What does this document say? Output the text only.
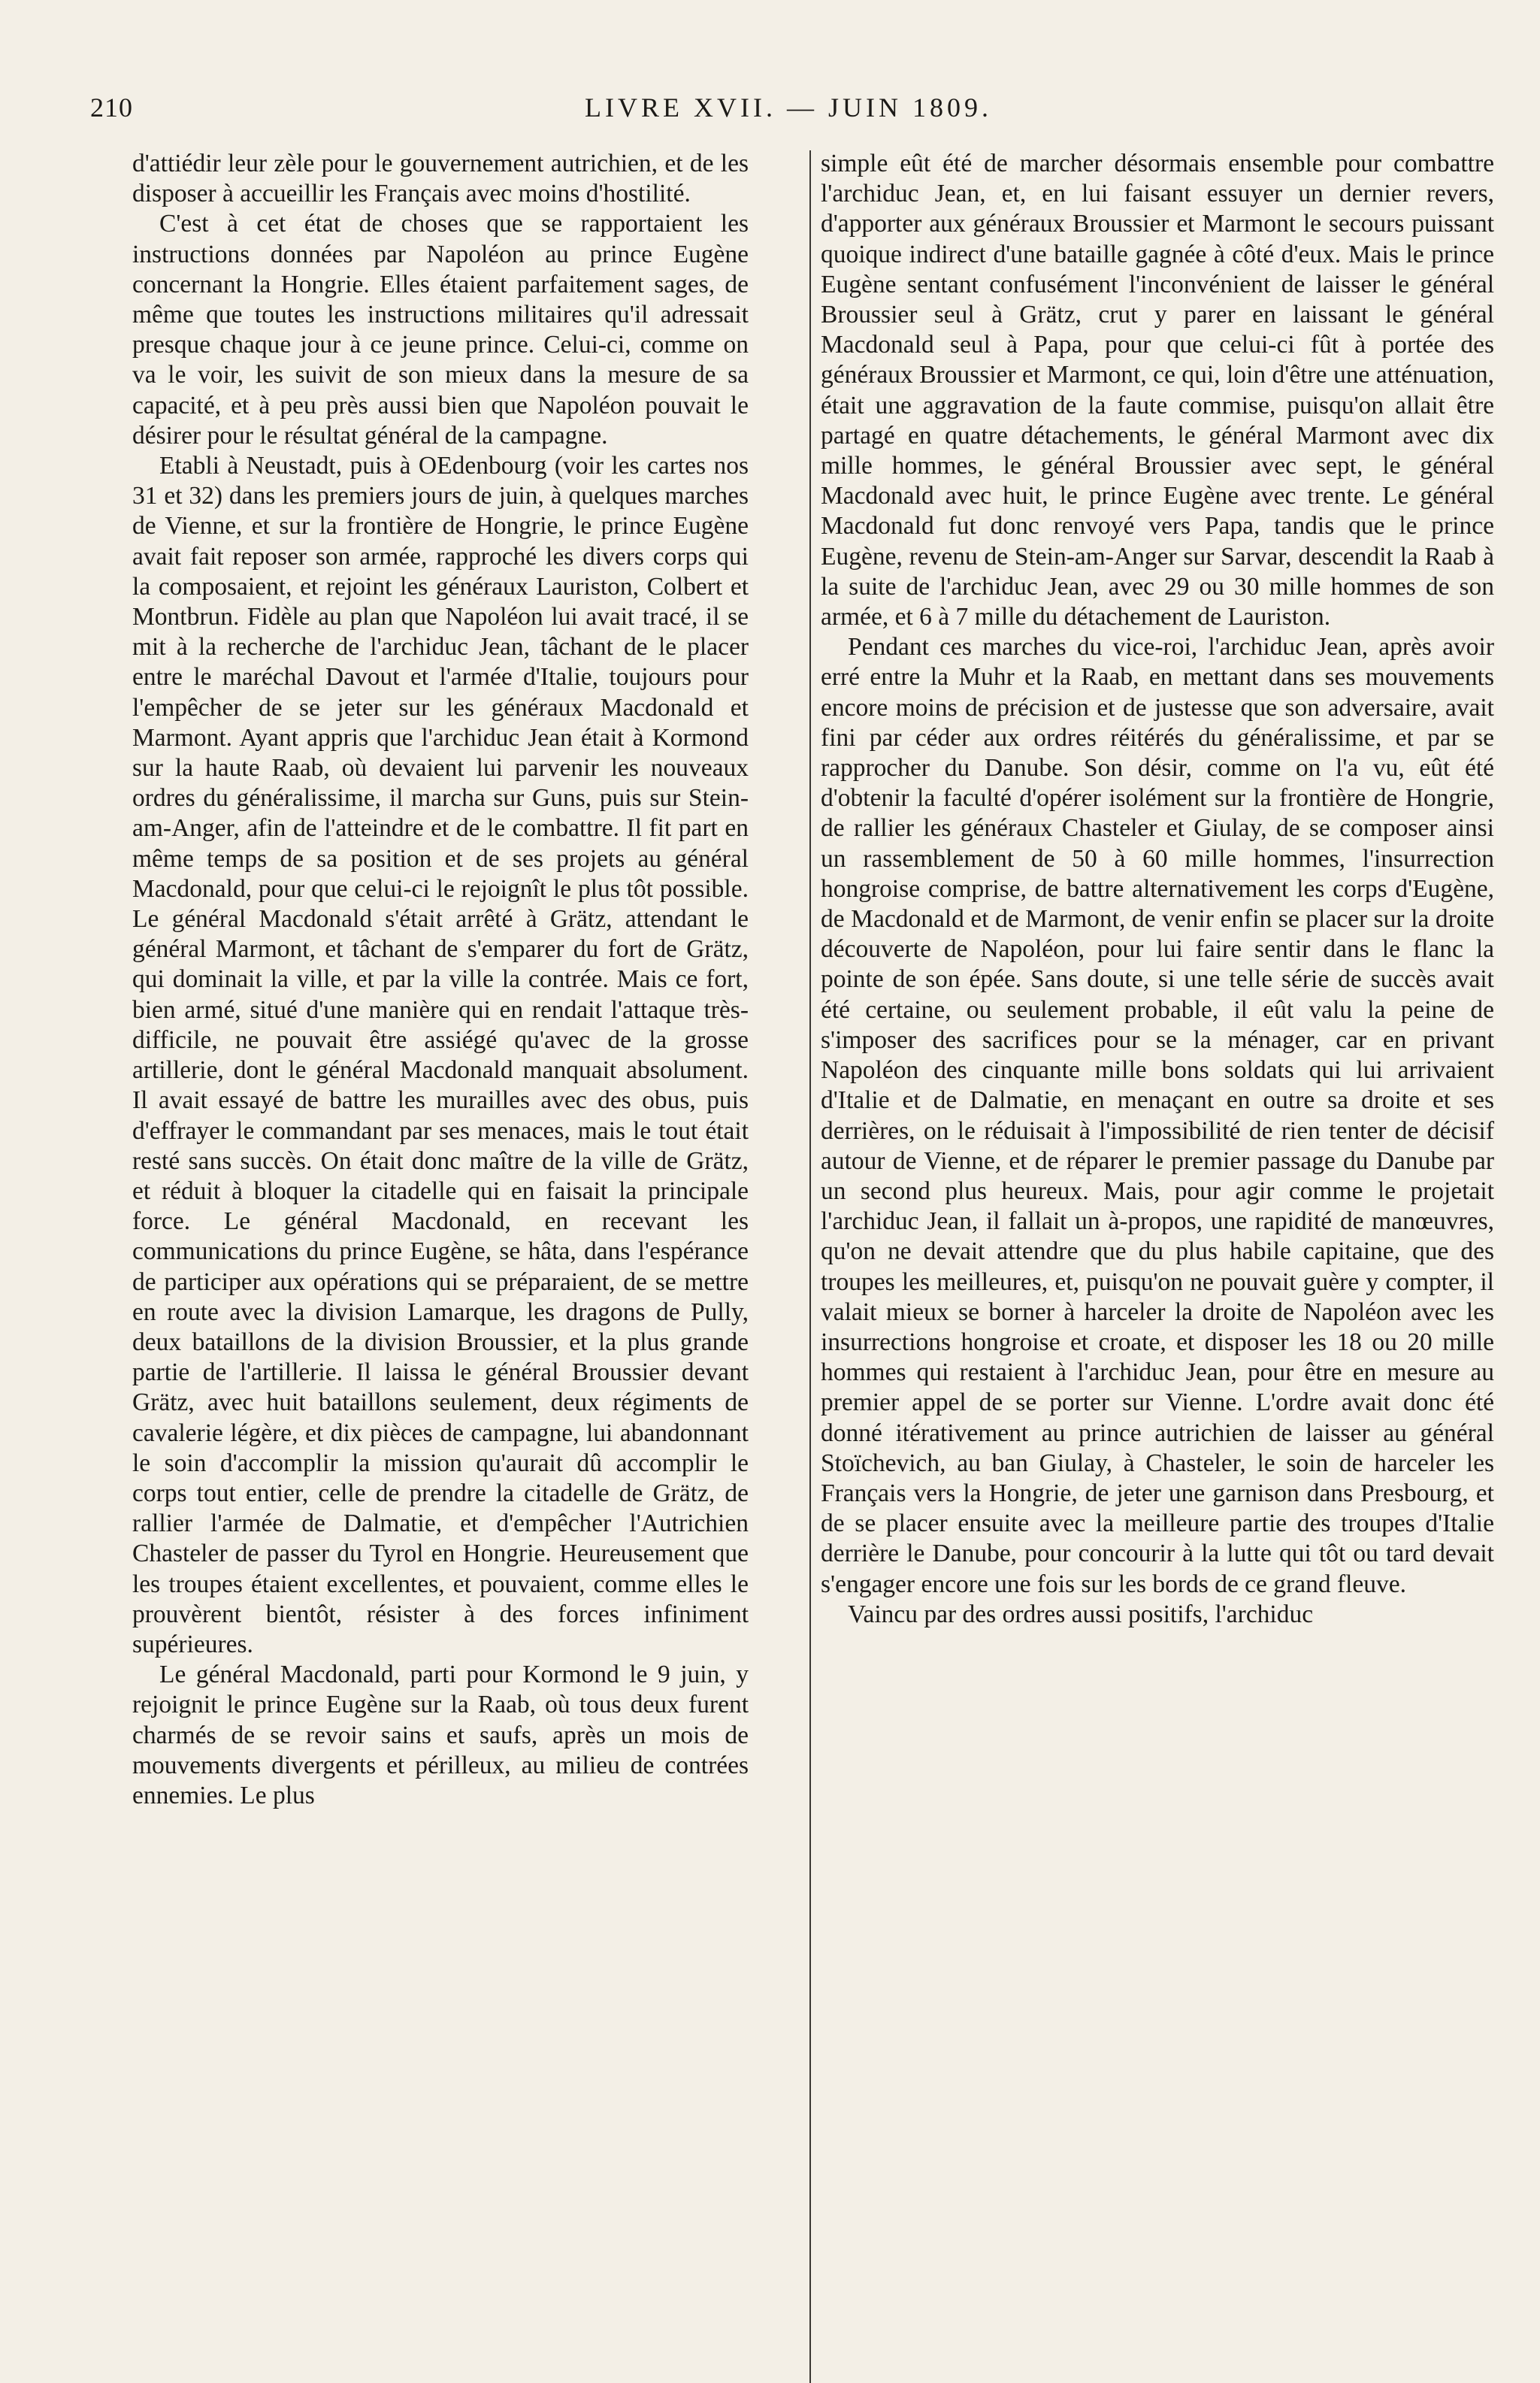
210	LIVRE XVII. — JUIN 1809.

d'attiédir leur zèle pour le gouvernement autrichien, et de les disposer à accueillir les Français avec moins d'hostilité.

C'est à cet état de choses que se rapportaient les instructions données par Napoléon au prince Eugène concernant la Hongrie. Elles étaient parfaitement sages, de même que toutes les instructions militaires qu'il adressait presque chaque jour à ce jeune prince. Celui-ci, comme on va le voir, les suivit de son mieux dans la mesure de sa capacité, et à peu près aussi bien que Napoléon pouvait le désirer pour le résultat général de la campagne.

Etabli à Neustadt, puis à OEdenbourg (voir les cartes nos 31 et 32) dans les premiers jours de juin, à quelques marches de Vienne, et sur la frontière de Hongrie, le prince Eugène avait fait reposer son armée, rapproché les divers corps qui la composaient, et rejoint les généraux Lauriston, Colbert et Montbrun. Fidèle au plan que Napoléon lui avait tracé, il se mit à la recherche de l'archiduc Jean, tâchant de le placer entre le maréchal Davout et l'armée d'Italie, toujours pour l'empêcher de se jeter sur les généraux Macdonald et Marmont. Ayant appris que l'archiduc Jean était à Kormond sur la haute Raab, où devaient lui parvenir les nouveaux ordres du généralissime, il marcha sur Guns, puis sur Stein-am-Anger, afin de l'atteindre et de le combattre. Il fit part en même temps de sa position et de ses projets au général Macdonald, pour que celui-ci le rejoignît le plus tôt possible. Le général Macdonald s'était arrêté à Grätz, attendant le général Marmont, et tâchant de s'emparer du fort de Grätz, qui dominait la ville, et par la ville la contrée. Mais ce fort, bien armé, situé d'une manière qui en rendait l'attaque très-difficile, ne pouvait être assiégé qu'avec de la grosse artillerie, dont le général Macdonald manquait absolument. Il avait essayé de battre les murailles avec des obus, puis d'effrayer le commandant par ses menaces, mais le tout était resté sans succès. On était donc maître de la ville de Grätz, et réduit à bloquer la citadelle qui en faisait la principale force. Le général Macdonald, en recevant les communications du prince Eugène, se hâta, dans l'espérance de participer aux opérations qui se préparaient, de se mettre en route avec la division Lamarque, les dragons de Pully, deux bataillons de la division Broussier, et la plus grande partie de l'artillerie. Il laissa le général Broussier devant Grätz, avec huit bataillons seulement, deux régiments de cavalerie légère, et dix pièces de campagne, lui abandonnant le soin d'accomplir la mission qu'aurait dû accomplir le corps tout entier, celle de prendre la citadelle de Grätz, de rallier l'armée de Dalmatie, et d'empêcher l'Autrichien Chasteler de passer du Tyrol en Hongrie. Heureusement que les troupes étaient excellentes, et pouvaient, comme elles le prouvèrent bientôt, résister à des forces infiniment supérieures.

Le général Macdonald, parti pour Kormond le 9 juin, y rejoignit le prince Eugène sur la Raab, où tous deux furent charmés de se revoir sains et saufs, après un mois de mouvements divergents et périlleux, au milieu de contrées ennemies. Le plus

simple eût été de marcher désormais ensemble pour combattre l'archiduc Jean, et, en lui faisant essuyer un dernier revers, d'apporter aux généraux Broussier et Marmont le secours puissant quoique indirect d'une bataille gagnée à côté d'eux. Mais le prince Eugène sentant confusément l'inconvénient de laisser le général Broussier seul à Grätz, crut y parer en laissant le général Macdonald seul à Papa, pour que celui-ci fût à portée des généraux Broussier et Marmont, ce qui, loin d'être une atténuation, était une aggravation de la faute commise, puisqu'on allait être partagé en quatre détachements, le général Marmont avec dix mille hommes, le général Broussier avec sept, le général Macdonald avec huit, le prince Eugène avec trente. Le général Macdonald fut donc renvoyé vers Papa, tandis que le prince Eugène, revenu de Stein-am-Anger sur Sarvar, descendit la Raab à la suite de l'archiduc Jean, avec 29 ou 30 mille hommes de son armée, et 6 à 7 mille du détachement de Lauriston.

Pendant ces marches du vice-roi, l'archiduc Jean, après avoir erré entre la Muhr et la Raab, en mettant dans ses mouvements encore moins de précision et de justesse que son adversaire, avait fini par céder aux ordres réitérés du généralissime, et par se rapprocher du Danube. Son désir, comme on l'a vu, eût été d'obtenir la faculté d'opérer isolément sur la frontière de Hongrie, de rallier les généraux Chasteler et Giulay, de se composer ainsi un rassemblement de 50 à 60 mille hommes, l'insurrection hongroise comprise, de battre alternativement les corps d'Eugène, de Macdonald et de Marmont, de venir enfin se placer sur la droite découverte de Napoléon, pour lui faire sentir dans le flanc la pointe de son épée. Sans doute, si une telle série de succès avait été certaine, ou seulement probable, il eût valu la peine de s'imposer des sacrifices pour se la ménager, car en privant Napoléon des cinquante mille bons soldats qui lui arrivaient d'Italie et de Dalmatie, en menaçant en outre sa droite et ses derrières, on le réduisait à l'impossibilité de rien tenter de décisif autour de Vienne, et de réparer le premier passage du Danube par un second plus heureux. Mais, pour agir comme le projetait l'archiduc Jean, il fallait un à-propos, une rapidité de manœuvres, qu'on ne devait attendre que du plus habile capitaine, que des troupes les meilleures, et, puisqu'on ne pouvait guère y compter, il valait mieux se borner à harceler la droite de Napoléon avec les insurrections hongroise et croate, et disposer les 18 ou 20 mille hommes qui restaient à l'archiduc Jean, pour être en mesure au premier appel de se porter sur Vienne. L'ordre avait donc été donné itérativement au prince autrichien de laisser au général Stoïchevich, au ban Giulay, à Chasteler, le soin de harceler les Français vers la Hongrie, de jeter une garnison dans Presbourg, et de se placer ensuite avec la meilleure partie des troupes d'Italie derrière le Danube, pour concourir à la lutte qui tôt ou tard devait s'engager encore une fois sur les bords de ce grand fleuve.

Vaincu par des ordres aussi positifs, l'archiduc
